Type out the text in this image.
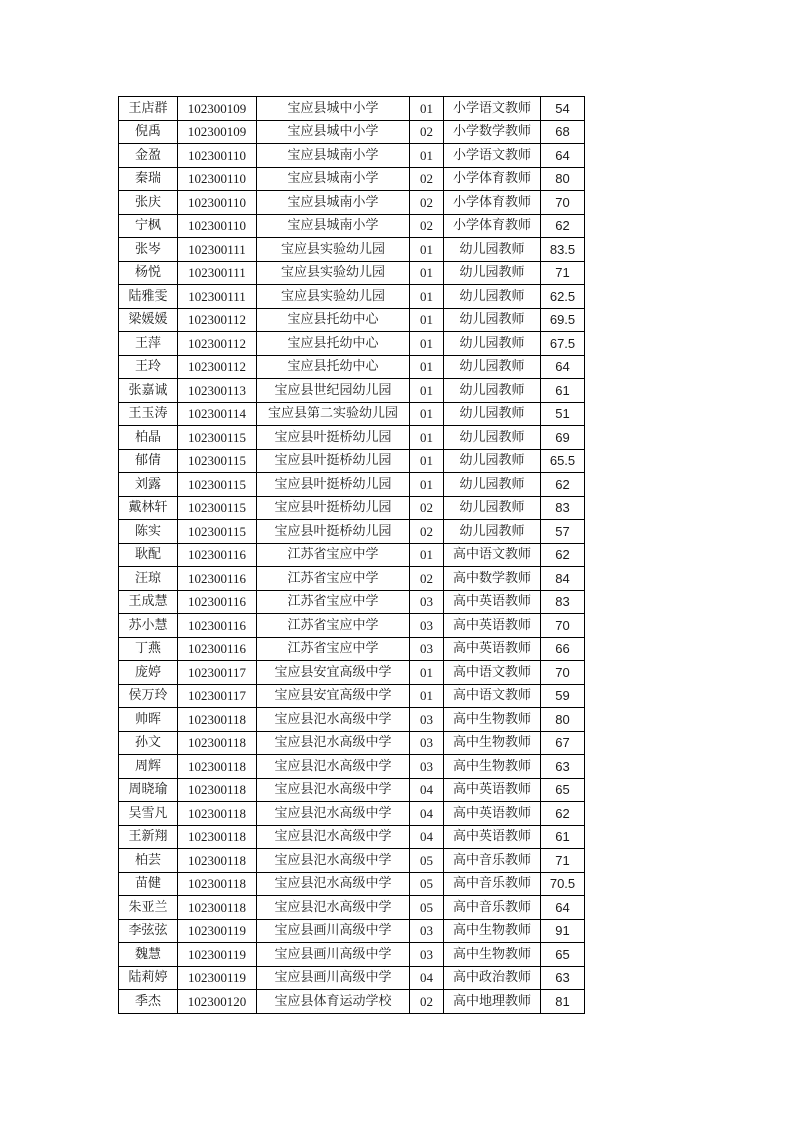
王店群	102300109	宝应县城中小学	01	小学语文教师	54
倪禹	102300109	宝应县城中小学	02	小学数学教师	68
金盈	102300110	宝应县城南小学	01	小学语文教师	64
秦瑞	102300110	宝应县城南小学	02	小学体育教师	80
张庆	102300110	宝应县城南小学	02	小学体育教师	70
宁枫	102300110	宝应县城南小学	02	小学体育教师	62
张岑	102300111	宝应县实验幼儿园	01	幼儿园教师	83.5
杨悦	102300111	宝应县实验幼儿园	01	幼儿园教师	71
陆雅雯	102300111	宝应县实验幼儿园	01	幼儿园教师	62.5
梁媛媛	102300112	宝应县托幼中心	01	幼儿园教师	69.5
王萍	102300112	宝应县托幼中心	01	幼儿园教师	67.5
王玲	102300112	宝应县托幼中心	01	幼儿园教师	64
张嘉诚	102300113	宝应县世纪园幼儿园	01	幼儿园教师	61
王玉涛	102300114	宝应县第二实验幼儿园	01	幼儿园教师	51
柏晶	102300115	宝应县叶挺桥幼儿园	01	幼儿园教师	69
郁倩	102300115	宝应县叶挺桥幼儿园	01	幼儿园教师	65.5
刘露	102300115	宝应县叶挺桥幼儿园	01	幼儿园教师	62
戴林轩	102300115	宝应县叶挺桥幼儿园	02	幼儿园教师	83
陈实	102300115	宝应县叶挺桥幼儿园	02	幼儿园教师	57
耿配	102300116	江苏省宝应中学	01	高中语文教师	62
汪琼	102300116	江苏省宝应中学	02	高中数学教师	84
王成慧	102300116	江苏省宝应中学	03	高中英语教师	83
苏小慧	102300116	江苏省宝应中学	03	高中英语教师	70
丁燕	102300116	江苏省宝应中学	03	高中英语教师	66
庞婷	102300117	宝应县安宜高级中学	01	高中语文教师	70
侯万玲	102300117	宝应县安宜高级中学	01	高中语文教师	59
帅晖	102300118	宝应县氾水高级中学	03	高中生物教师	80
孙文	102300118	宝应县氾水高级中学	03	高中生物教师	67
周辉	102300118	宝应县氾水高级中学	03	高中生物教师	63
周晓瑜	102300118	宝应县氾水高级中学	04	高中英语教师	65
吴雪凡	102300118	宝应县氾水高级中学	04	高中英语教师	62
王新翔	102300118	宝应县氾水高级中学	04	高中英语教师	61
柏芸	102300118	宝应县氾水高级中学	05	高中音乐教师	71
苗健	102300118	宝应县氾水高级中学	05	高中音乐教师	70.5
朱亚兰	102300118	宝应县氾水高级中学	05	高中音乐教师	64
李弦弦	102300119	宝应县画川高级中学	03	高中生物教师	91
魏慧	102300119	宝应县画川高级中学	03	高中生物教师	65
陆莉婷	102300119	宝应县画川高级中学	04	高中政治教师	63
季杰	102300120	宝应县体育运动学校	02	高中地理教师	81
